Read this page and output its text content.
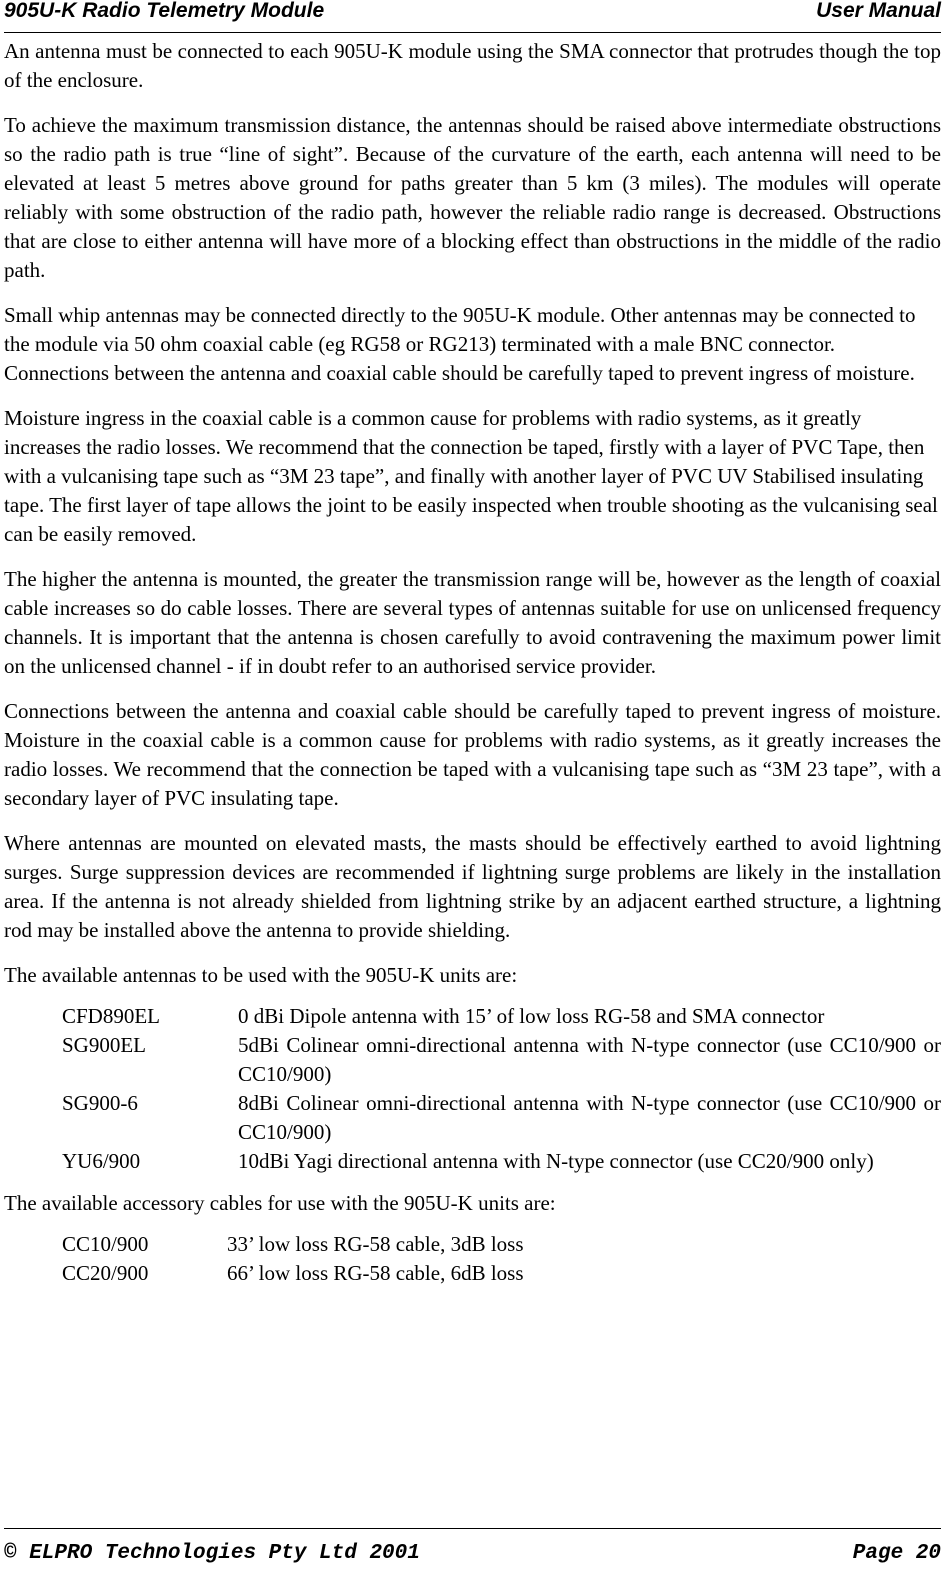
905U-K Radio Telemetry Module	User Manual

An antenna must be connected to each 905U-K module using the SMA connector that protrudes though the top of the enclosure.

To achieve the maximum transmission distance, the antennas should be raised above intermediate obstructions so the radio path is true “line of sight”. Because of the curvature of the earth, each antenna will need to be elevated at least 5 metres above ground for paths greater than 5 km (3 miles). The modules will operate reliably with some obstruction of the radio path, however the reliable radio range is decreased. Obstructions that are close to either antenna will have more of a blocking effect than obstructions in the middle of the radio path.

Small whip antennas may be connected directly to the 905U-K module. Other antennas may be connected to the module via 50 ohm coaxial cable (eg RG58 or RG213) terminated with a male BNC connector. Connections between the antenna and coaxial cable should be carefully taped to prevent ingress of moisture.

Moisture ingress in the coaxial cable is a common cause for problems with radio systems, as it greatly increases the radio losses. We recommend that the connection be taped, firstly with a layer of PVC Tape, then with a vulcanising tape such as “3M 23 tape”, and finally with another layer of PVC UV Stabilised insulating tape. The first layer of tape allows the joint to be easily inspected when trouble shooting as the vulcanising seal can be easily removed.

The higher the antenna is mounted, the greater the transmission range will be, however as the length of coaxial cable increases so do cable losses. There are several types of antennas suitable for use on unlicensed frequency channels. It is important that the antenna is chosen carefully to avoid contravening the maximum power limit on the unlicensed channel - if in doubt refer to an authorised service provider.

Connections between the antenna and coaxial cable should be carefully taped to prevent ingress of moisture. Moisture in the coaxial cable is a common cause for problems with radio systems, as it greatly increases the radio losses. We recommend that the connection be taped with a vulcanising tape such as “3M 23 tape”, with a secondary layer of PVC insulating tape.

Where antennas are mounted on elevated masts, the masts should be effectively earthed to avoid lightning surges. Surge suppression devices are recommended if lightning surge problems are likely in the installation area. If the antenna is not already shielded from lightning strike by an adjacent earthed structure, a lightning rod may be installed above the antenna to provide shielding.

The available antennas to be used with the 905U-K units are:

CFD890EL	0 dBi Dipole antenna with 15’ of low loss RG-58 and SMA connector
SG900EL	5dBi Colinear omni-directional antenna with N-type connector (use CC10/900 or CC10/900)
SG900-6	8dBi Colinear omni-directional antenna with N-type connector (use CC10/900 or CC10/900)
YU6/900	10dBi Yagi directional antenna with N-type connector (use CC20/900 only)

The available accessory cables for use with the 905U-K units are:

CC10/900	33’ low loss RG-58 cable, 3dB loss
CC20/900	66’ low loss RG-58 cable, 6dB loss
© ELPRO Technologies Pty Ltd 2001	Page 20
